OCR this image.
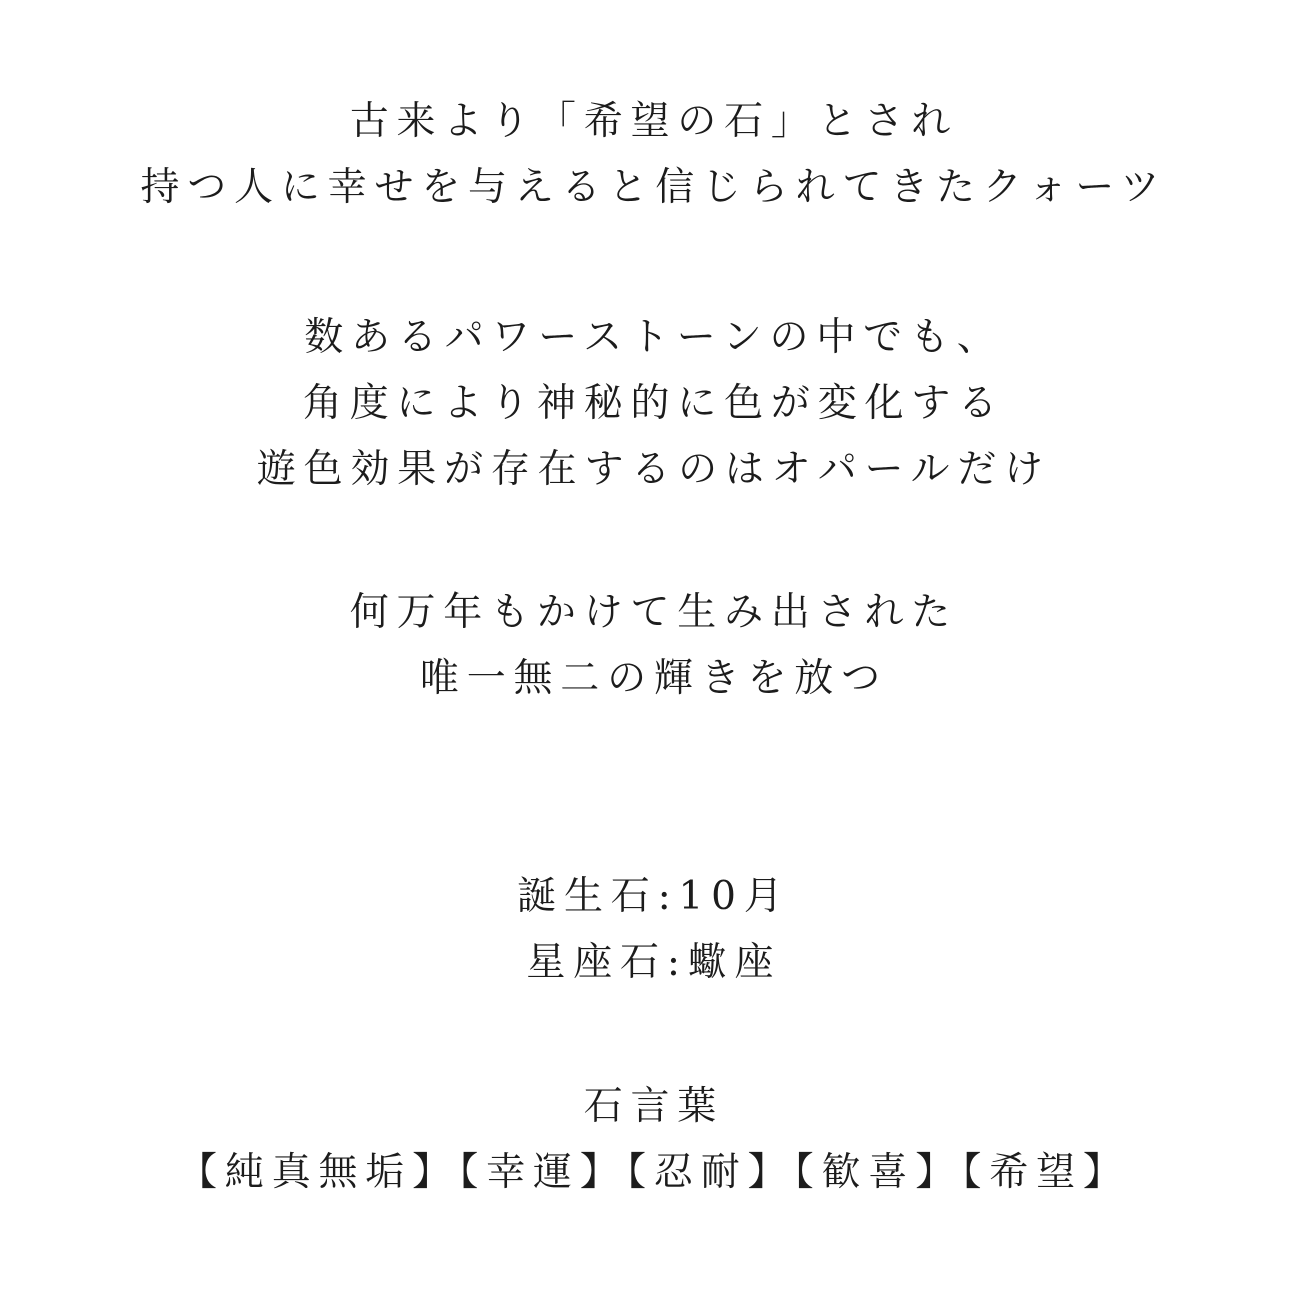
古来より「希望の石」とされ

持つ人に幸せを与えると信じられてきたクォーツ

数あるパワーストーンの中でも、

角度により神秘的に色が変化する

遊色効果が存在するのはオパールだけ

何万年もかけて生み出された

唯一無二の輝きを放つ

誕生石:10月

星座石:蠍座

石言葉

【純真無垢】【幸運】【忍耐】【歓喜】【希望】
